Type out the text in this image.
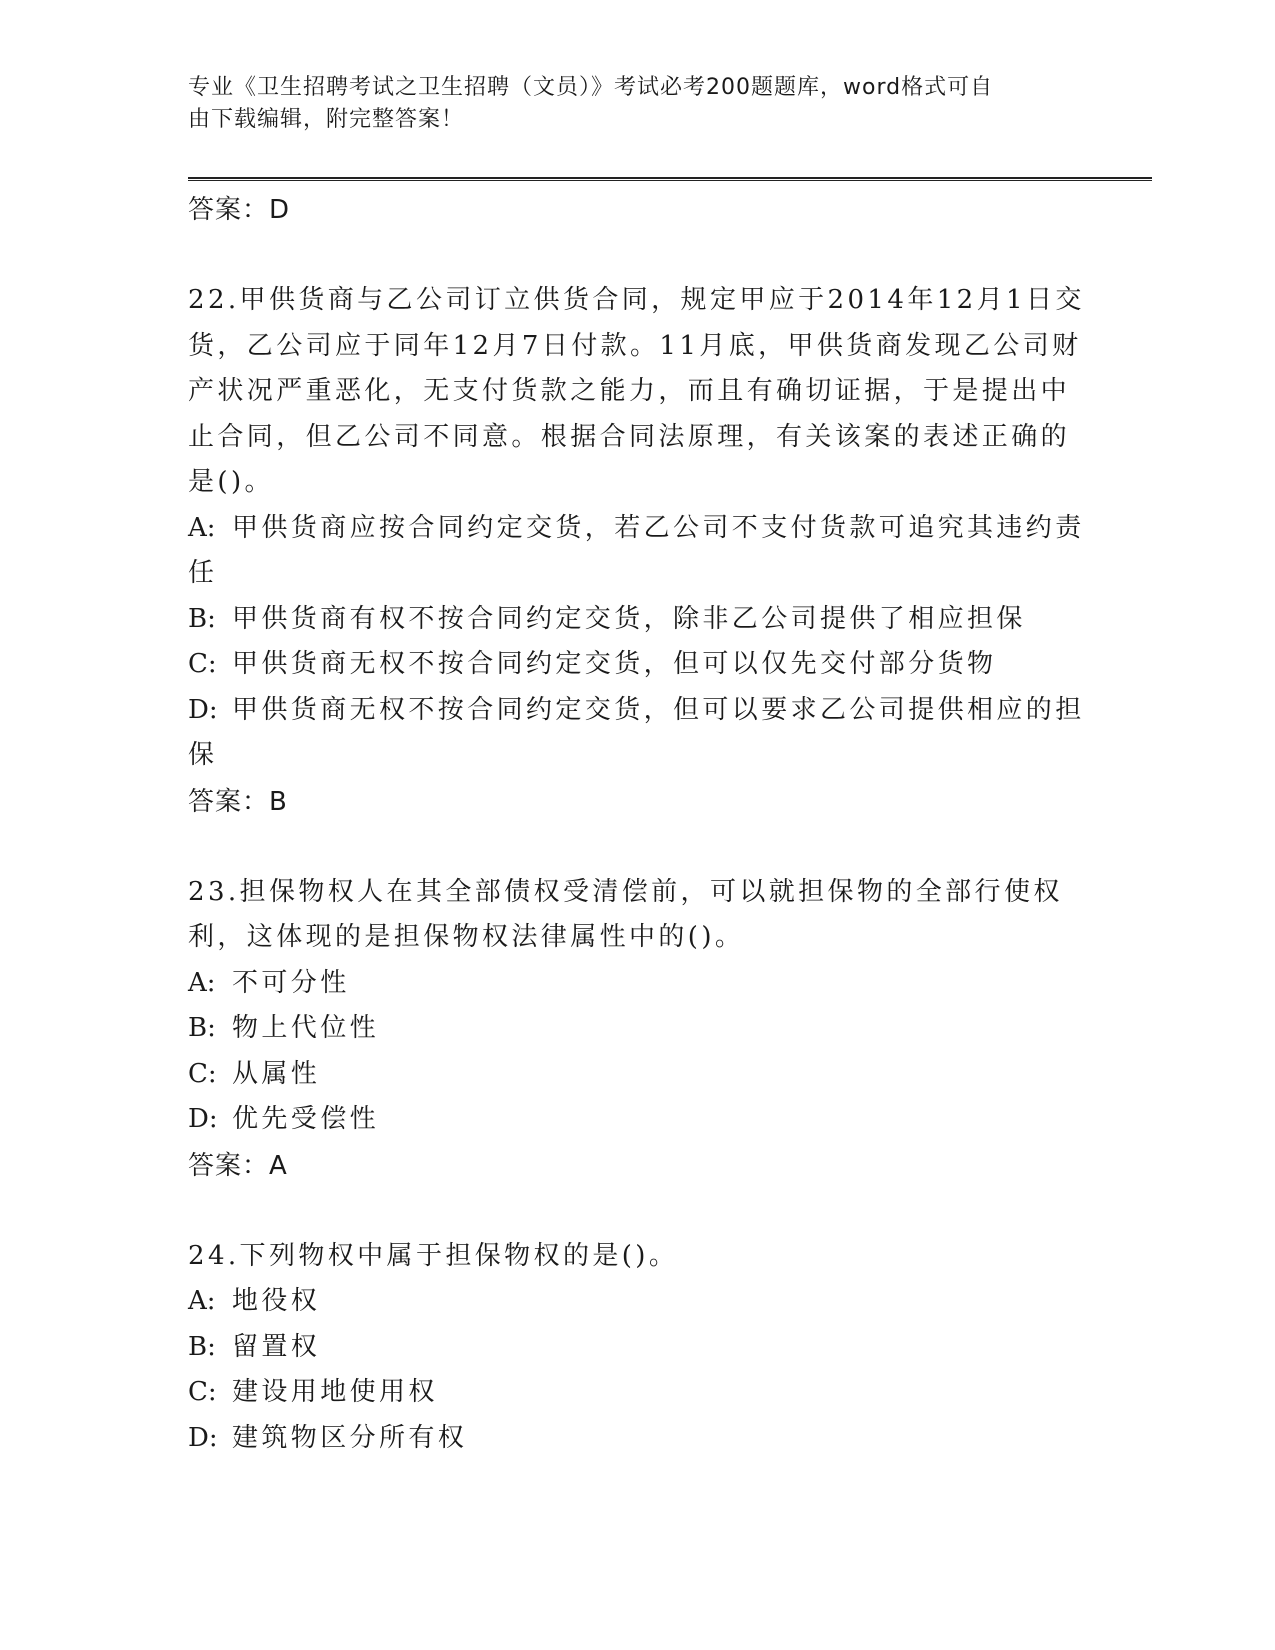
专业《卫生招聘考试之卫生招聘（文员）》考试必考200题题库，word格式可自
由下载编辑，附完整答案！
答案：D
22.甲供货商与乙公司订立供货合同，规定甲应于2014年12月1日交货，乙公司应于同年12月7日付款。11月底，甲供货商发现乙公司财产状况严重恶化，无支付货款之能力，而且有确切证据，于是提出中止合同，但乙公司不同意。根据合同法原理，有关该案的表述正确的是()。
A: 甲供货商应按合同约定交货，若乙公司不支付货款可追究其违约责任
B: 甲供货商有权不按合同约定交货，除非乙公司提供了相应担保
C: 甲供货商无权不按合同约定交货，但可以仅先交付部分货物
D: 甲供货商无权不按合同约定交货，但可以要求乙公司提供相应的担保
答案：B
23.担保物权人在其全部债权受清偿前，可以就担保物的全部行使权利，这体现的是担保物权法律属性中的()。
A: 不可分性
B: 物上代位性
C: 从属性
D: 优先受偿性
答案：A
24.下列物权中属于担保物权的是()。
A: 地役权
B: 留置权
C: 建设用地使用权
D: 建筑物区分所有权
